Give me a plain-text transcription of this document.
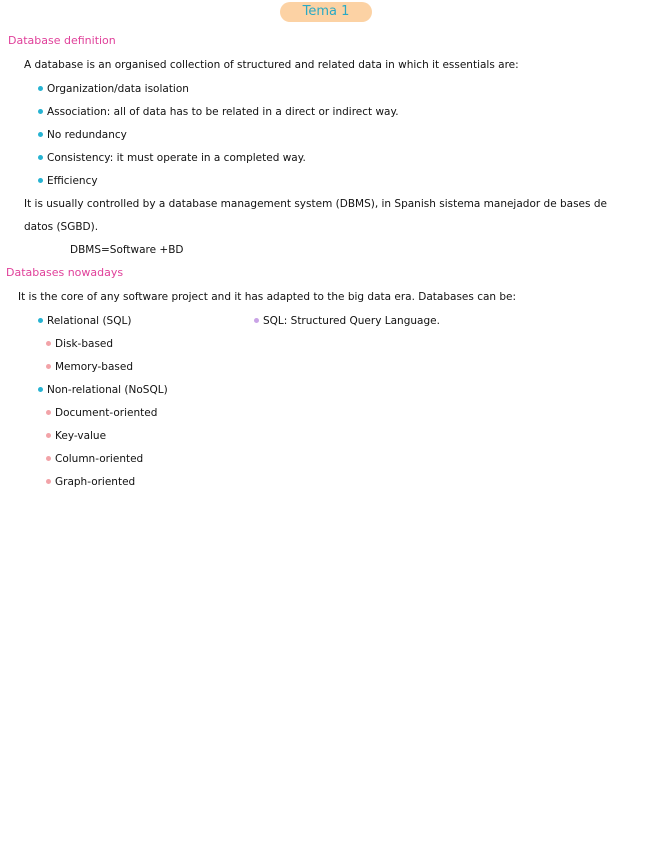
Tema 1
Database definition
A database is an organised collection of structured and related data in which it essentials are:
Organization/data isolation
Association: all of data has to be related in a direct or indirect way.
No redundancy
Consistency: it must operate in a completed way.
Efficiency
It is usually controlled by a database management system (DBMS), in Spanish sistema manejador de bases de
datos (SGBD).
DBMS=Software +BD
Databases nowadays
It is the core of any software project and it has adapted to the big data era. Databases can be:
Relational (SQL)	SQL: Structured Query Language.
Disk-based
Memory-based
Non-relational (NoSQL)
Document-oriented
Key-value
Column-oriented
Graph-oriented
